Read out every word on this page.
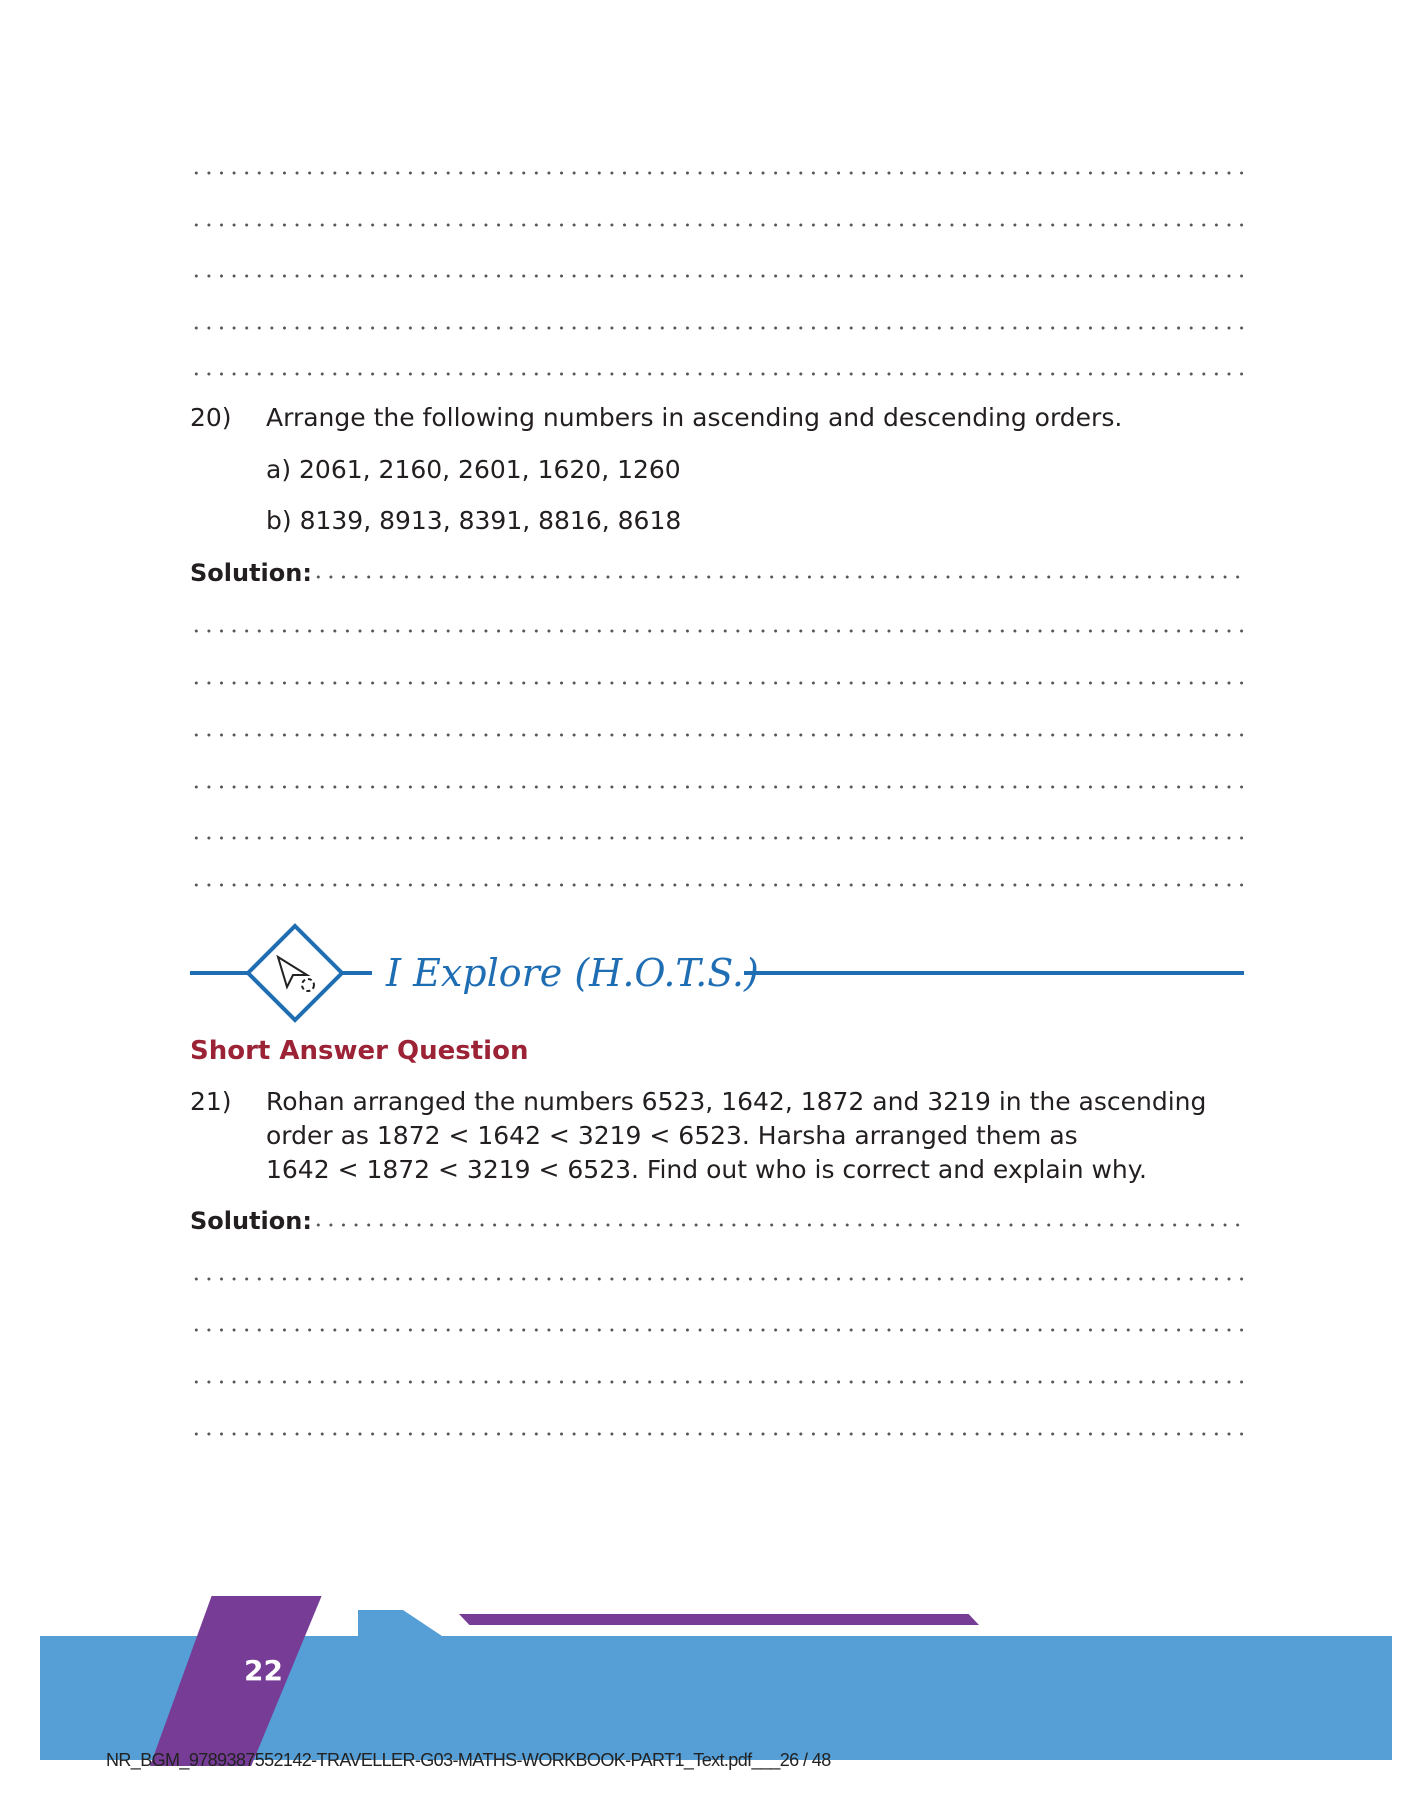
20) Arrange the following numbers in ascending and descending orders.
a) 2061, 2160, 2601, 1620, 1260
b) 8139, 8913, 8391, 8816, 8618
Solution:
I Explore (H.O.T.S.)
Short Answer Question
21) Rohan arranged the numbers 6523, 1642, 1872 and 3219 in the ascending
order as 1872 < 1642 < 3219 < 6523. Harsha arranged them as
1642 < 1872 < 3219 < 6523. Find out who is correct and explain why.
Solution:
22
NR_BGM_9789387552142-TRAVELLER-G03-MATHS-WORKBOOK-PART1_Text.pdf___26 / 48
